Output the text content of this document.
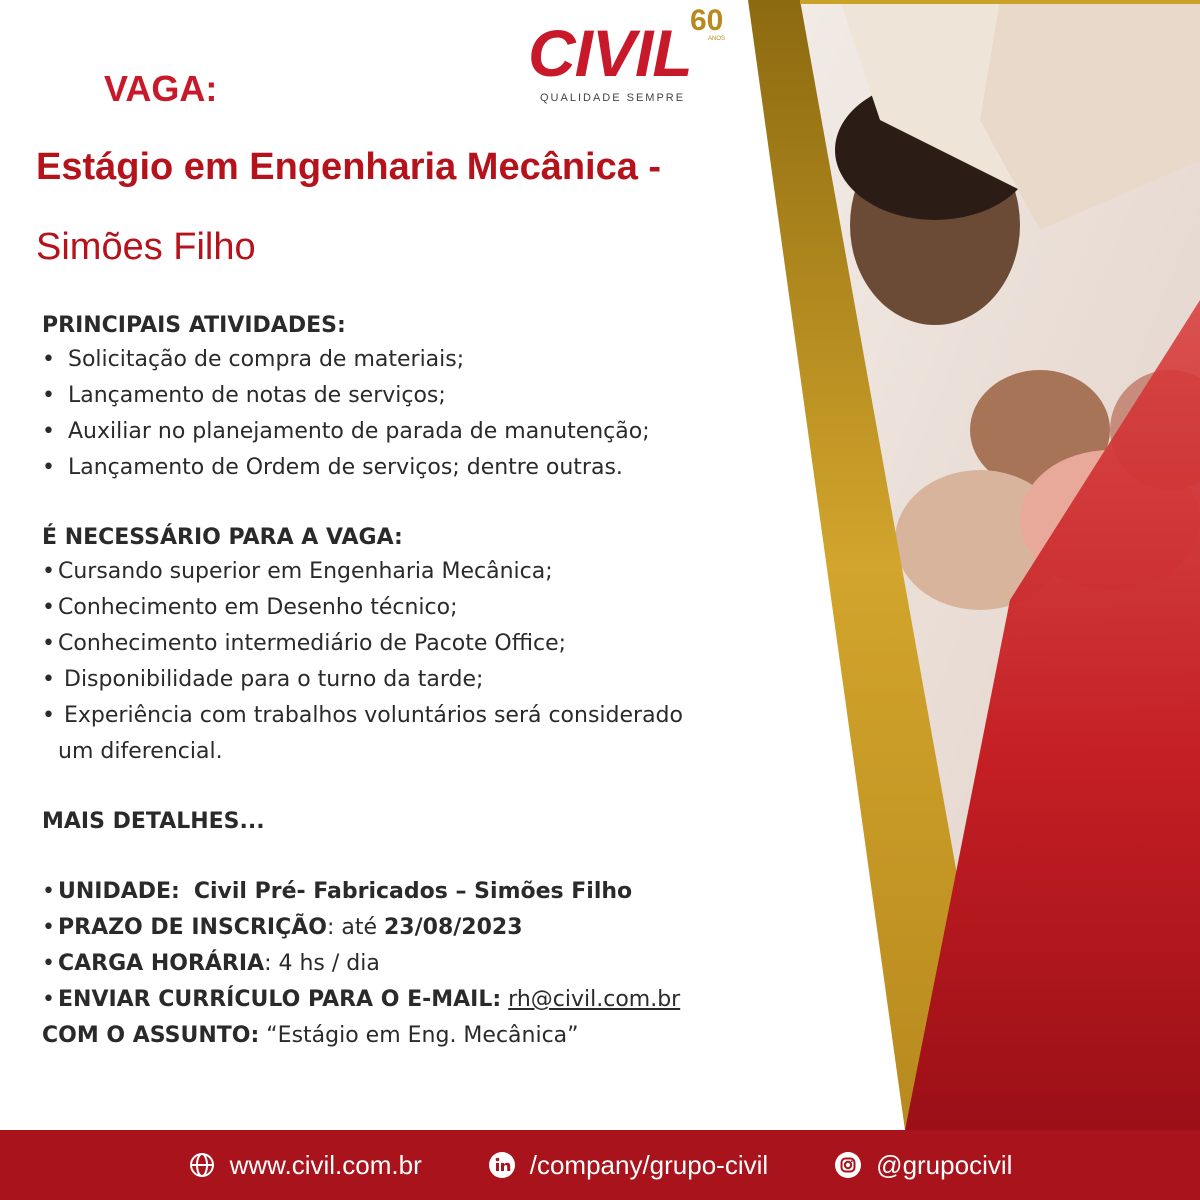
CIVIL
60
ANOS
QUALIDADE SEMPRE
VAGA:
Estágio em Engenharia Mecânica -
Simões Filho

PRINCIPAIS ATIVIDADES:

• Solicitação de compra de materiais;

• Lançamento de notas de serviços;

• Auxiliar no planejamento de parada de manutenção;

• Lançamento de Ordem de serviços; dentre outras.

É NECESSÁRIO PARA A VAGA:

• Cursando superior em Engenharia Mecânica;

• Conhecimento em Desenho técnico;

• Conhecimento intermediário de Pacote Office;

• Disponibilidade para o turno da tarde;

• Experiência com trabalhos voluntários será considerado

um diferencial.

MAIS DETALHES...

• UNIDADE: Civil Pré- Fabricados – Simões Filho

• PRAZO DE INSCRIÇÃO: até 23/08/2023

• CARGA HORÁRIA: 4 hs / dia

• ENVIAR CURRÍCULO PARA O E-MAIL: rh@civil.com.br

COM O ASSUNTO: “Estágio em Eng. Mecânica”

www.civil.com.br	/company/grupo-civil	@grupocivil
